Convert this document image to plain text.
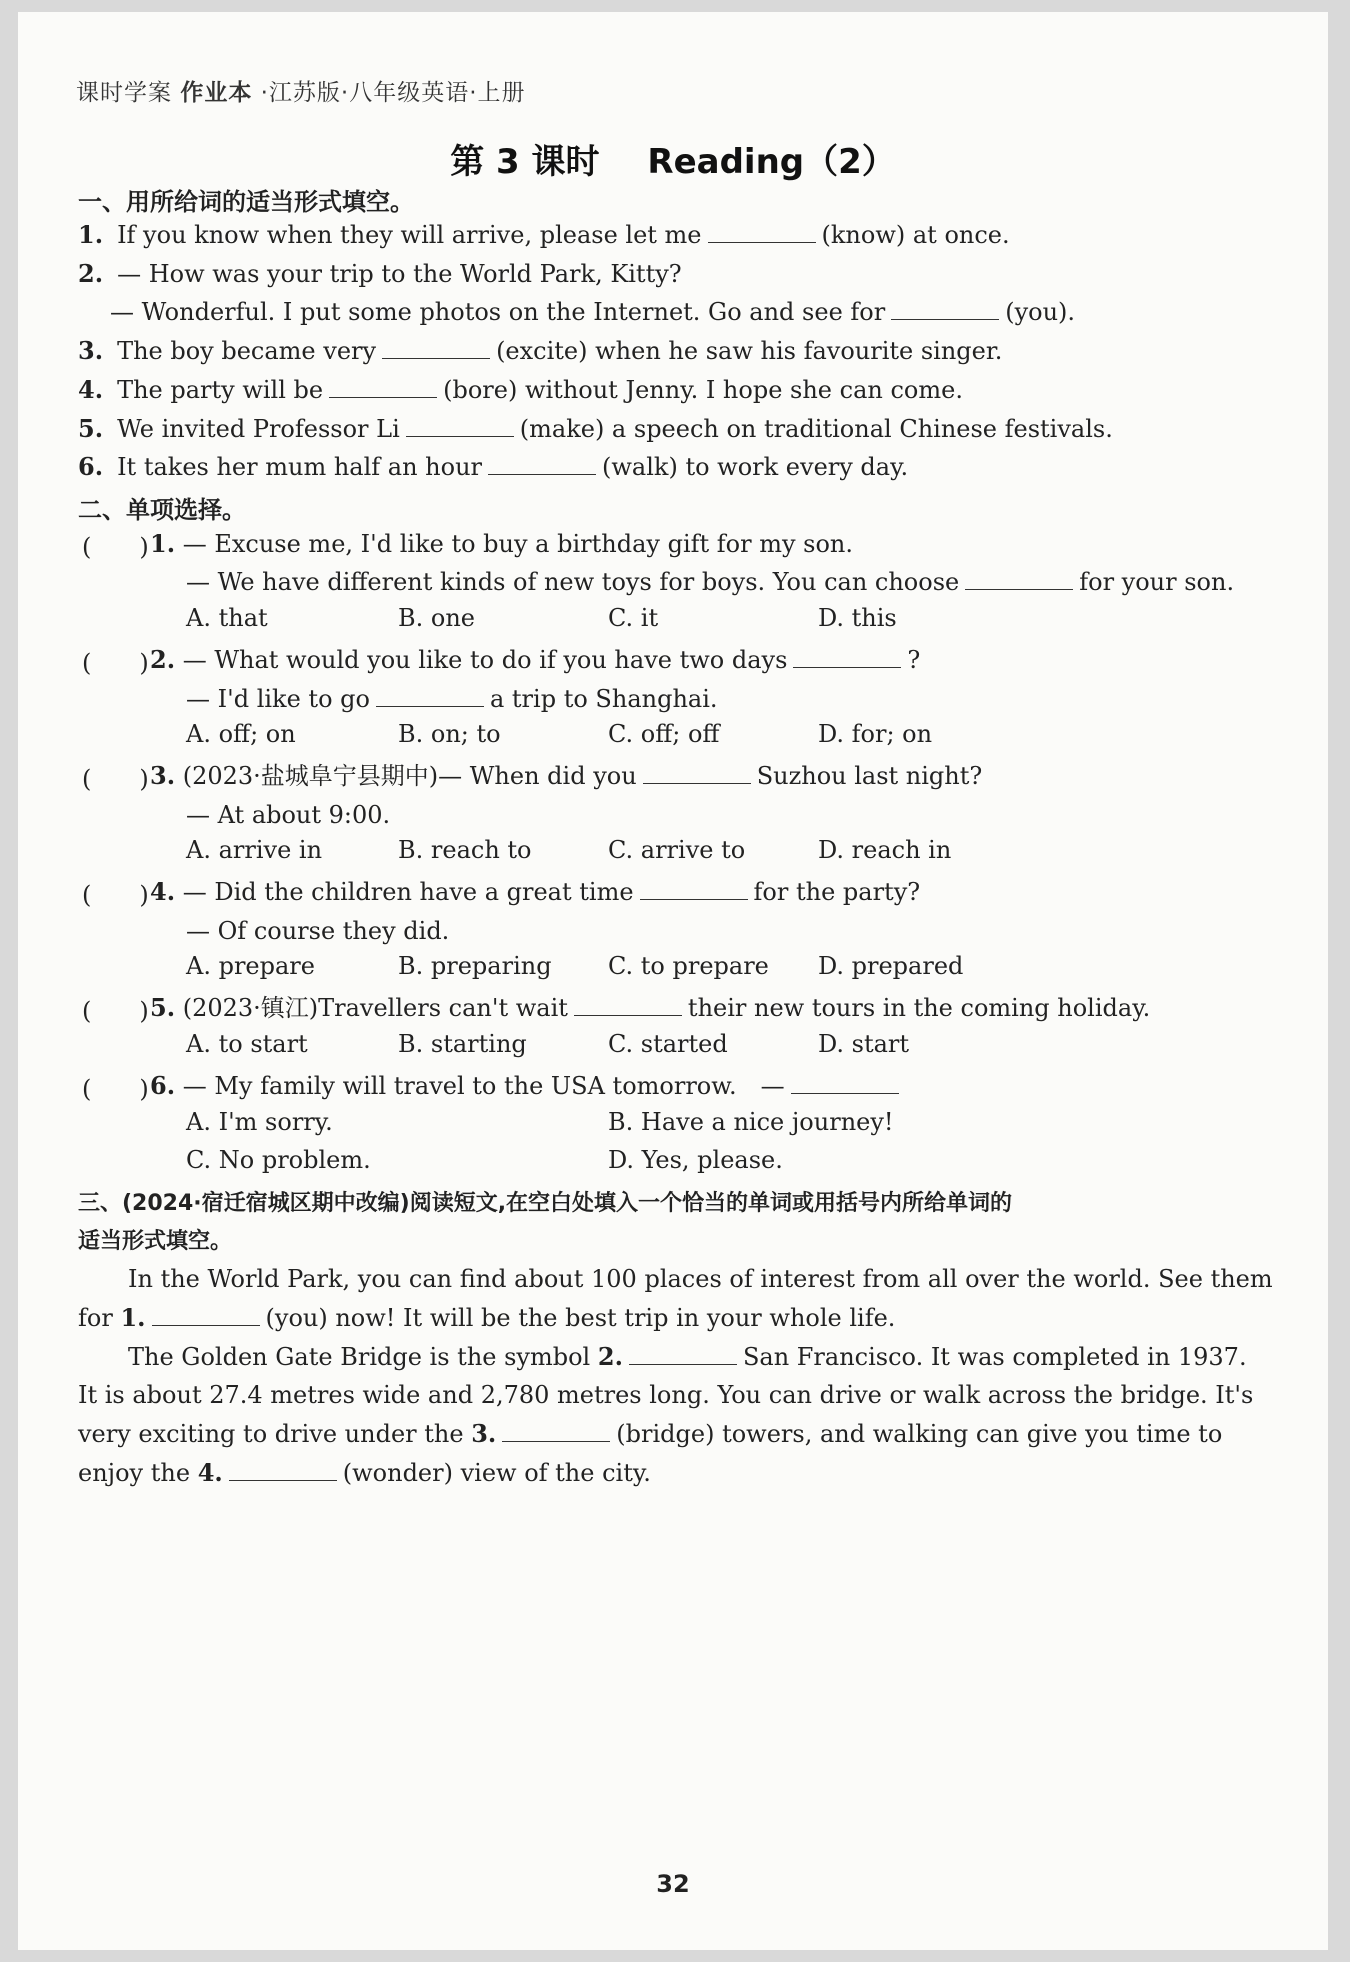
课时学案 作业本 ·江苏版·八年级英语·上册
第 3 课时 Reading（2）
一、用所给词的适当形式填空。
1. If you know when they will arrive, please let me	(know) at once.
2. — How was your trip to the World Park, Kitty?
— Wonderful. I put some photos on the Internet. Go and see for	(you).
3. The boy became very	(excite) when he saw his favourite singer.
4. The party will be	(bore) without Jenny. I hope she can come.
5. We invited Professor Li	(make) a speech on traditional Chinese festivals.
6. It takes her mum half an hour	(walk) to work every day.
二、单项选择。
(　　) 1. — Excuse me, I'd like to buy a birthday gift for my son.
— We have different kinds of new toys for boys. You can choose	for your son.
A. that	B. one	C. it	D. this
(　　) 2. — What would you like to do if you have two days	?
— I'd like to go	a trip to Shanghai.
A. off; on	B. on; to	C. off; off	D. for; on
(　　) 3. (2023·盐城阜宁县期中)— When did you	Suzhou last night?
— At about 9:00.
A. arrive in	B. reach to	C. arrive to	D. reach in
(　　) 4. — Did the children have a great time	for the party?
— Of course they did.
A. prepare	B. preparing C. to prepare D. prepared
(　　) 5. (2023·镇江)Travellers can't wait	their new tours in the coming holiday.
A. to start	B. starting	C. started	D. start
(　　) 6. — My family will travel to the USA tomorrow.　—
A. I'm sorry.	B. Have a nice journey!
C. No problem.	D. Yes, please.
三、(2024·宿迁宿城区期中改编)阅读短文,在空白处填入一个恰当的单词或用括号内所给单词的
适当形式填空。
In the World Park, you can find about 100 places of interest from all over the world. See them
for 1.	(you) now! It will be the best trip in your whole life.
The Golden Gate Bridge is the symbol 2.	San Francisco. It was completed in 1937.
It is about 27.4 metres wide and 2,780 metres long. You can drive or walk across the bridge. It's
very exciting to drive under the 3.	(bridge) towers, and walking can give you time to
enjoy the 4.	(wonder) view of the city.
32
